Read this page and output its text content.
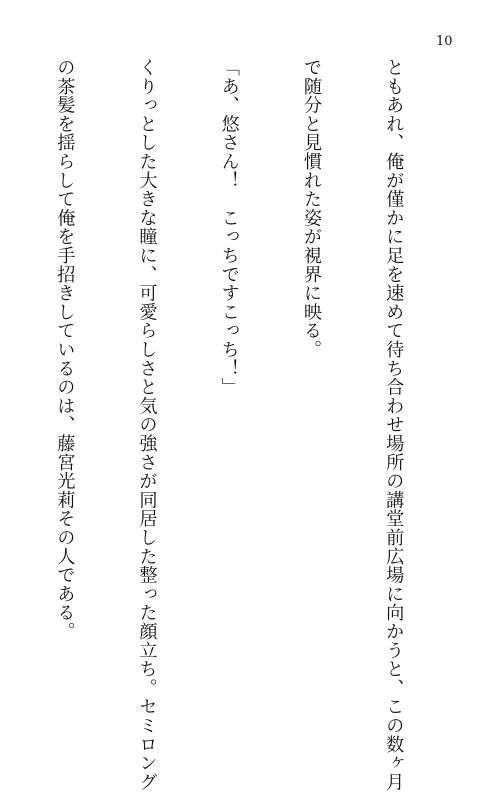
10

ともあれ、俺が僅かに足を速めて待ち合わせ場所の講堂前広場に向かうと、この数ヶ月

で随分と見慣れた姿が視界に映る。

「あ、悠さん！　こっちですこっち！」

くりっとした大きな瞳に、可愛らしさと気の強さが同居した整った顔立ち。セミロング

の茶髪を揺らして俺を手招きしているのは、藤宮光莉その人である。
